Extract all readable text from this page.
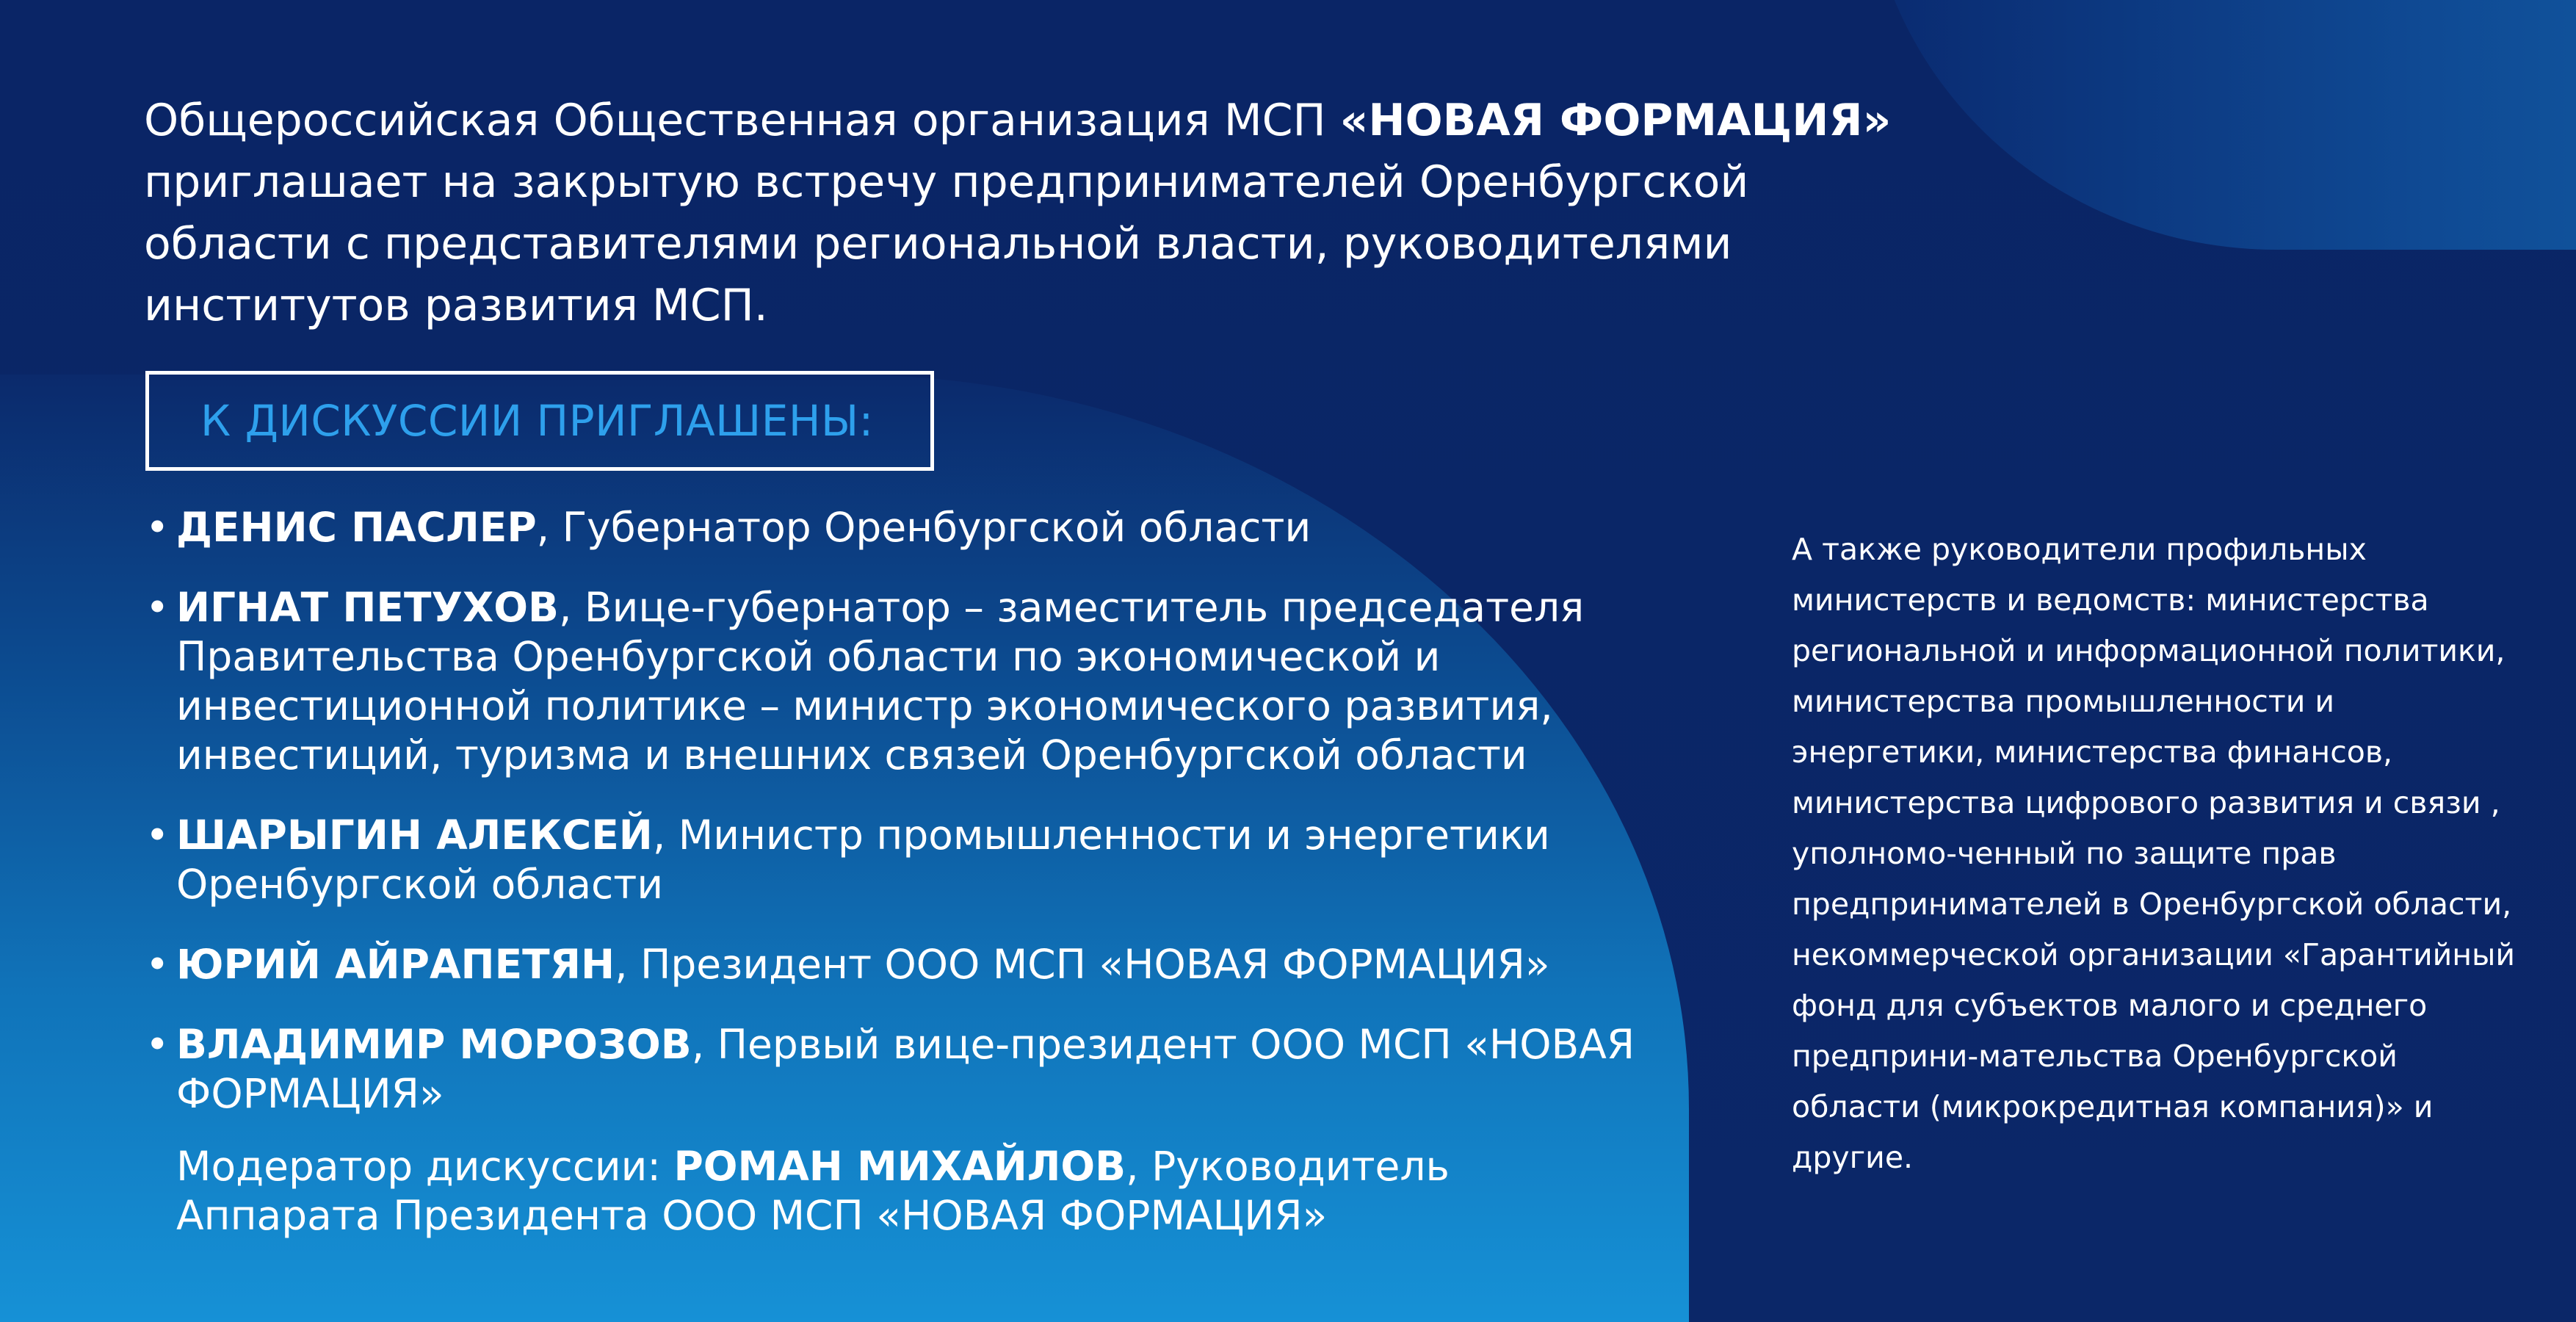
Общероссийская Общественная организация МСП «НОВАЯ ФОРМАЦИЯ» приглашает на закрытую встречу предпринимателей Оренбургской области с представителями региональной власти, руководителями институтов развития МСП.

К ДИСКУССИИ ПРИГЛАШЕНЫ:
• ДЕНИС ПАСЛЕР, Губернатор Оренбургской области
• ИГНАТ ПЕТУХОВ, Вице-губернатор – заместитель председателя Правительства Оренбургской области по экономической и инвестиционной политике – министр экономического развития, инвестиций, туризма и внешних связей Оренбургской области
• ШАРЫГИН АЛЕКСЕЙ, Министр промышленности и энергетики Оренбургской области
• ЮРИЙ АЙРАПЕТЯН, Президент ООО МСП «НОВАЯ ФОРМАЦИЯ»
• ВЛАДИМИР МОРОЗОВ, Первый вице-президент ООО МСП «НОВАЯ ФОРМАЦИЯ»
Модератор дискуссии: РОМАН МИХАЙЛОВ, Руководитель Аппарата Президента ООО МСП «НОВАЯ ФОРМАЦИЯ»

А также руководители профильных министерств и ведомств: министерства региональной и информационной политики, министерства промышленности и энергетики, министерства финансов, министерства цифрового развития и связи , уполномо-ченный по защите прав предпринимателей в Оренбургской области, некоммерческой организации «Гарантийный фонд для субъектов малого и среднего предприни-мательства Оренбургской области (микрокредитная компания)» и другие.
